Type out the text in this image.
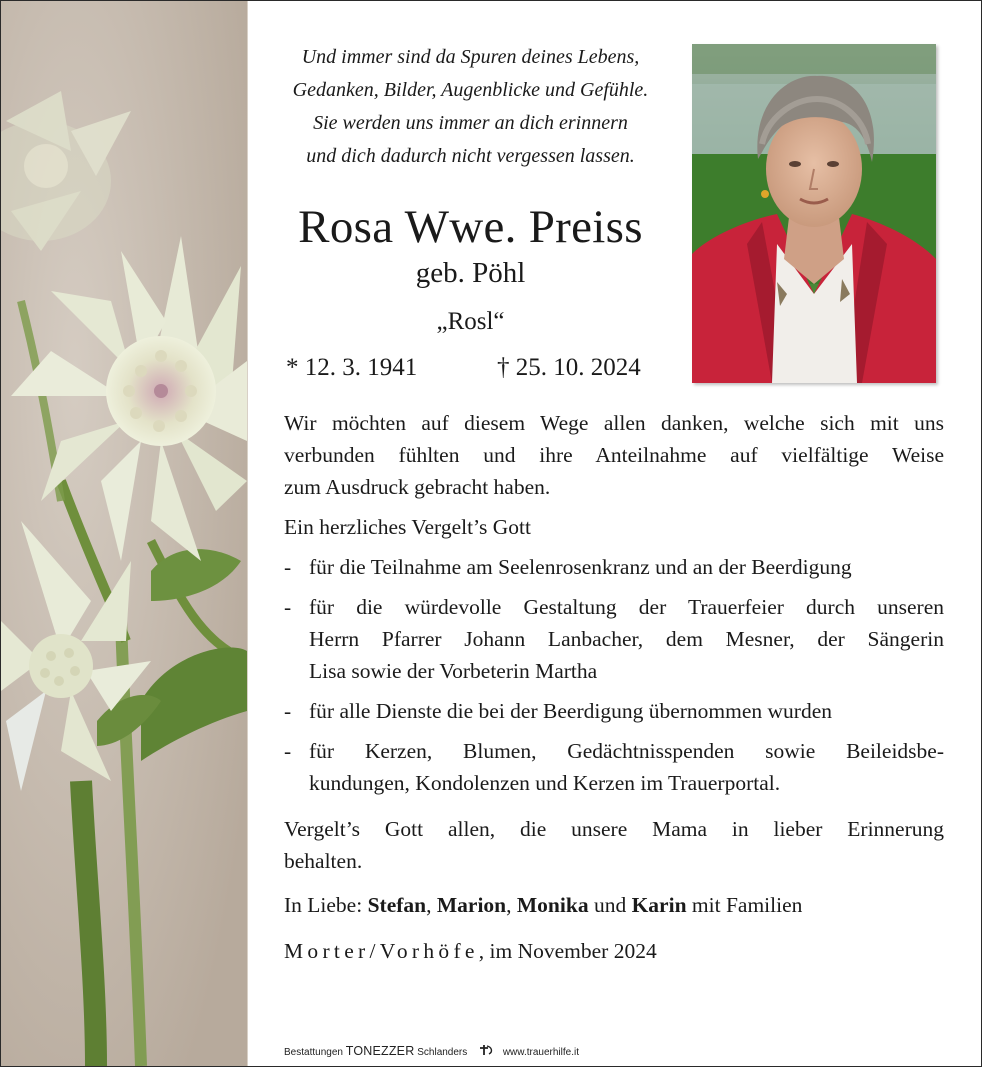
Und immer sind da Spuren deines Lebens,
Gedanken, Bilder, Augenblicke und Gefühle.
Sie werden uns immer an dich erinnern
und dich dadurch nicht vergessen lassen.
Rosa Wwe. Preiss
geb. Pöhl
„Rosl“
* 12. 3. 1941	† 25. 10. 2024
Wir möchten auf diesem Wege allen danken, welche sich mit uns
verbunden fühlten und ihre Anteilnahme auf vielfältige Weise
zum Ausdruck gebracht haben.
Ein herzliches Vergelt’s Gott
- für die Teilnahme am Seelenrosenkranz und an der Beerdigung
- für die würdevolle Gestaltung der Trauerfeier durch unseren
Herrn Pfarrer Johann Lanbacher, dem Mesner, der Sängerin
Lisa sowie der Vorbeterin Martha
- für alle Dienste die bei der Beerdigung übernommen wurden
- für Kerzen, Blumen, Gedächtnisspenden sowie Beileidsbe-
kundungen, Kondolenzen und Kerzen im Trauerportal.
Vergelt’s Gott allen, die unsere Mama in lieber Erinnerung
behalten.
In Liebe: Stefan, Marion, Monika und Karin mit Familien
Morter/Vorhöfe, im November 2024
Bestattungen TONEZZER Schlanders	www.trauerhilfe.it
